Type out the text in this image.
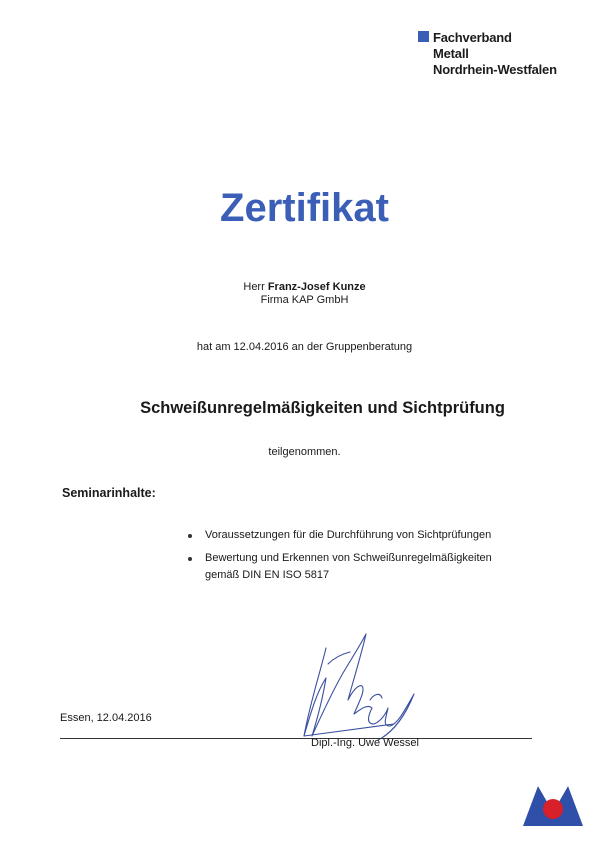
Fachverband
Metall
Nordrhein-Westfalen
Zertifikat
Herr Franz-Josef Kunze
Firma KAP GmbH
hat am 12.04.2016 an der Gruppenberatung
Schweißunregelmäßigkeiten und Sichtprüfung
teilgenommen.
Seminarinhalte:
Voraussetzungen für die Durchführung von Sichtprüfungen
Bewertung und Erkennen von Schweißunregelmäßigkeiten gemäß DIN EN ISO 5817
Essen, 12.04.2016
Dipl.-Ing. Uwe Wessel
